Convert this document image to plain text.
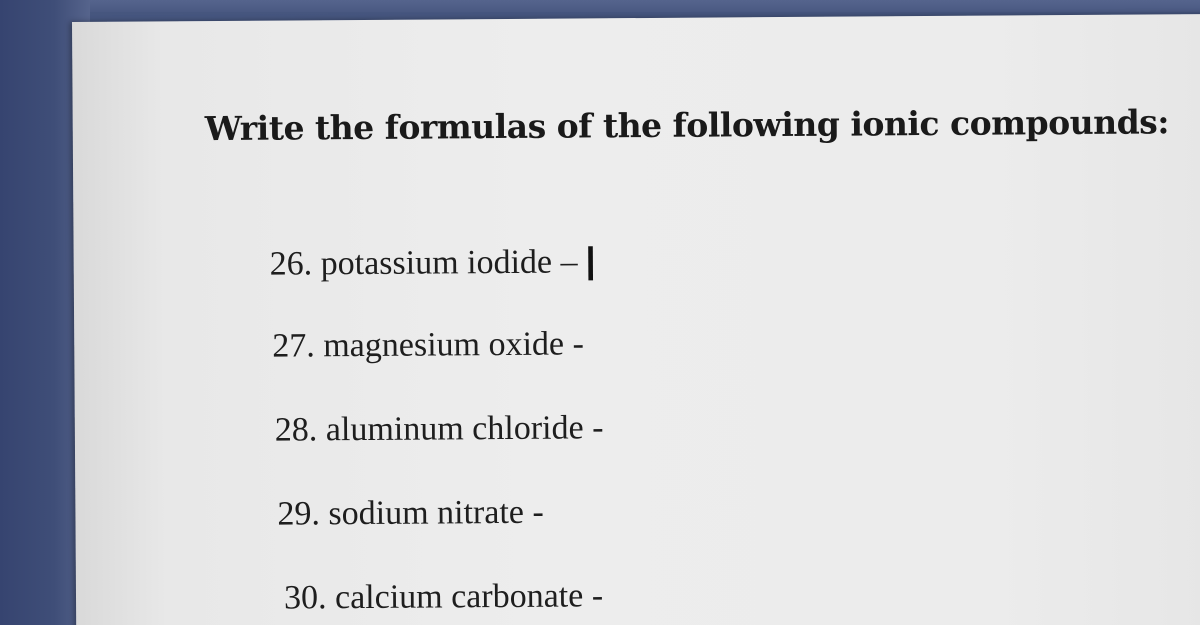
Write the formulas of the following ionic compounds:
26. potassium iodide – |
27. magnesium oxide -
28. aluminum chloride -
29. sodium nitrate -
30. calcium carbonate -
